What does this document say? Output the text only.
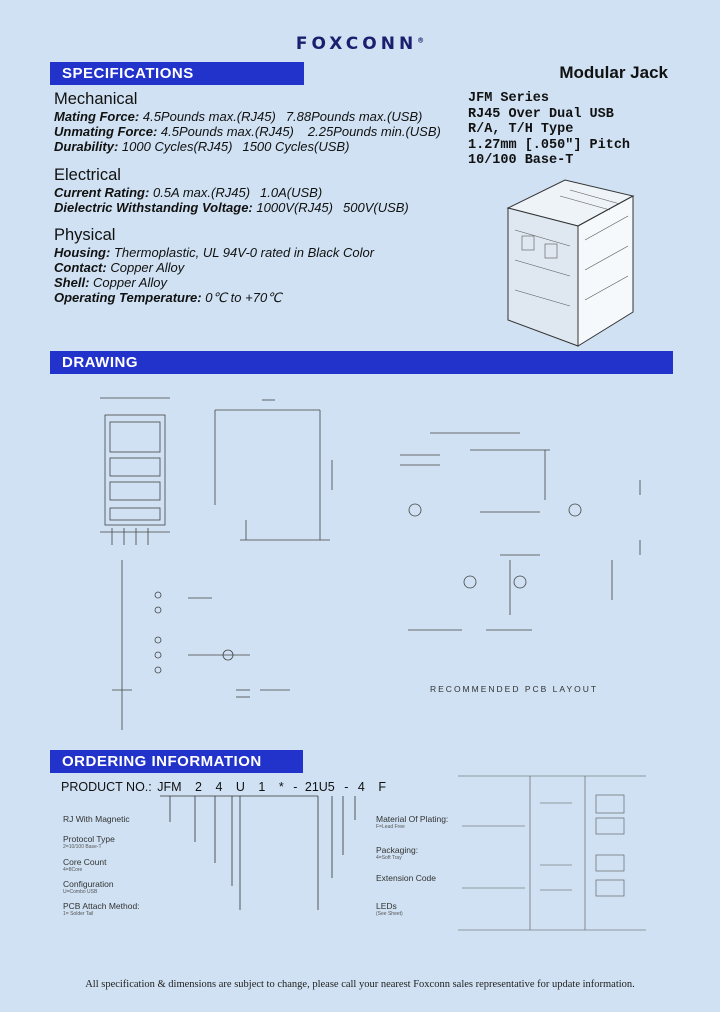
FOXCONN®
SPECIFICATIONS	Modular Jack
JFM Series
RJ45 Over Dual USB
R/A, T/H Type
1.27mm [.050"] Pitch
10/100 Base-T
Mechanical
Mating Force: 4.5Pounds max.(RJ45) 7.88Pounds max.(USB)
Unmating Force: 4.5Pounds max.(RJ45) 2.25Pounds min.(USB)
Durability: 1000 Cycles(RJ45) 1500 Cycles(USB)
Electrical
Current Rating: 0.5A max.(RJ45) 1.0A(USB)
Dielectric Withstanding Voltage: 1000V(RJ45) 500V(USB)
Physical
Housing: Thermoplastic, UL 94V-0 rated in Black Color
Contact: Copper Alloy
Shell: Copper Alloy
Operating Temperature: 0℃ to +70℃
DRAWING
RECOMMENDED PCB LAYOUT
ORDERING INFORMATION
PRODUCT NO.: JFM 2 4 U 1 * - 21U5 - 4 F
RJ With Magnetic
Protocol Type
2=10/100 Base-T
Core Count
4=8Core
Configuration
U=Combo USB
PCB Attach Method:
1= Solder Tail
Material Of Plating:
F=Lead Free
Packaging:
4=Soft Tray
Extension Code
LEDs
(See Sheet)
All specification & dimensions are subject to change, please call your nearest Foxconn sales representative for update information.
